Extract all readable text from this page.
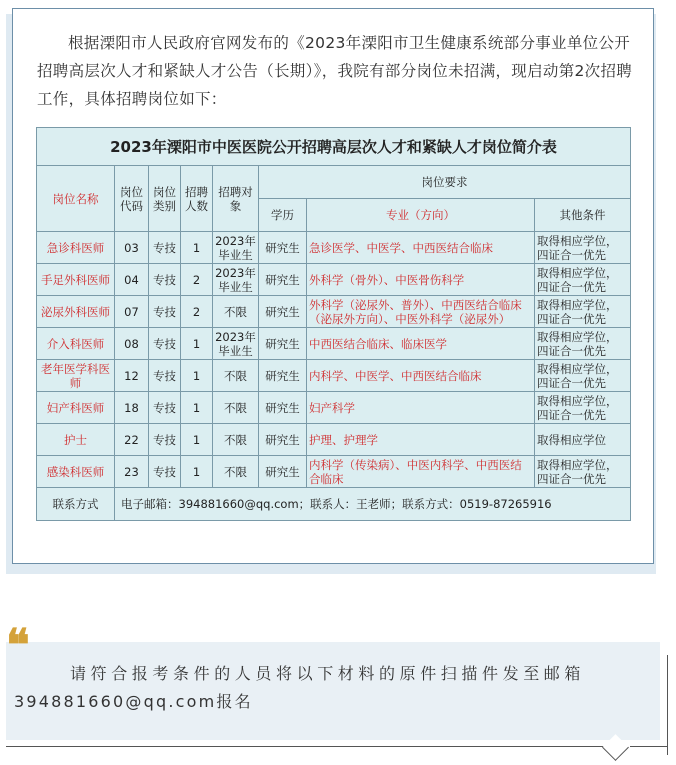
根据溧阳市人民政府官网发布的《2023年溧阳市卫生健康系统部分事业单位公开招聘高层次人才和紧缺人才公告（长期）》，我院有部分岗位未招满，现启动第2次招聘工作，具体招聘岗位如下：

2023年溧阳市中医医院公开招聘高层次人才和紧缺人才岗位简介表							
岗位名称	岗位代码	岗位类别	招聘人数	招聘对象	岗位要求		
					学历	专业（方向）	其他条件
急诊科医师	03	专技	1	2023年毕业生	研究生	急诊医学、中医学、中西医结合临床	取得相应学位，四证合一优先
手足外科医师	04	专技	2	2023年毕业生	研究生	外科学（骨外）、中医骨伤科学	取得相应学位，四证合一优先
泌尿外科医师	07	专技	2	不限	研究生	外科学（泌尿外、普外）、中西医结合临床（泌尿外方向）、中医外科学（泌尿外）	取得相应学位，四证合一优先
介入科医师	08	专技	1	2023年毕业生	研究生	中西医结合临床、临床医学	取得相应学位，四证合一优先
老年医学科医师	12	专技	1	不限	研究生	内科学、中医学、中西医结合临床	取得相应学位，四证合一优先
妇产科医师	18	专技	1	不限	研究生	妇产科学	取得相应学位，四证合一优先
护士	22	专技	1	不限	研究生	护理、护理学	取得相应学位
感染科医师	23	专技	1	不限	研究生	内科学（传染病）、中医内科学、中西医结合临床	取得相应学位，四证合一优先
联系方式	电子邮箱：394881660@qq.com；联系人：王老师；联系方式：0519-87265916						
❝

请符合报考条件的人员将以下材料的原件扫描件发至邮箱
394881660@qq.com报名
